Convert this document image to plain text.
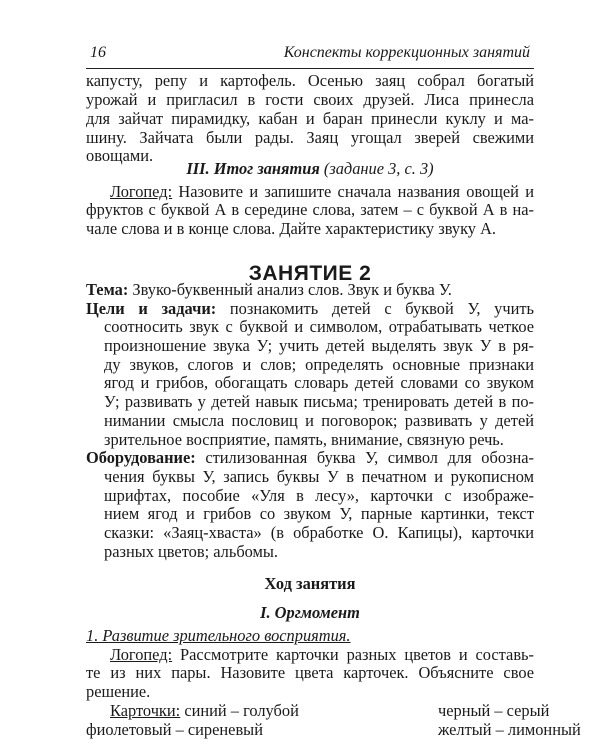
16	Конспекты коррекционных занятий
капусту, репу и картофель. Осенью заяц собрал богатый
урожай и пригласил в гости своих друзей. Лиса принесла
для зайчат пирамидку, кабан и баран принесли куклу и ма-
шину. Зайчата были рады. Заяц угощал зверей свежими
овощами.
III. Итог занятия (задание 3, с. 3)
Логопед: Назовите и запишите сначала названия овощей и
фруктов с буквой А в середине слова, затем – с буквой А в на-
чале слова и в конце слова. Дайте характеристику звуку А.
ЗАНЯТИЕ 2
Тема: Звуко-буквенный анализ слов. Звук и буква У.
Цели и задачи: познакомить детей с буквой У, учить
соотносить звук с буквой и символом, отрабатывать четкое
произношение звука У; учить детей выделять звук У в ря-
ду звуков, слогов и слов; определять основные признаки
ягод и грибов, обогащать словарь детей словами со звуком
У; развивать у детей навык письма; тренировать детей в по-
нимании смысла пословиц и поговорок; развивать у детей
зрительное восприятие, память, внимание, связную речь.
Оборудование: стилизованная буква У, символ для обозна-
чения буквы У, запись буквы У в печатном и рукописном
шрифтах, пособие «Уля в лесу», карточки с изображе-
нием ягод и грибов со звуком У, парные картинки, текст
сказки: «Заяц-хваста» (в обработке О. Капицы), карточки
разных цветов; альбомы.
Ход занятия
I. Оргмомент
1. Развитие зрительного восприятия.
Логопед: Рассмотрите карточки разных цветов и составь-
те из них пары. Назовите цвета карточек. Объясните свое
решение.
Карточки: синий – голубой	черный – серый
фиолетовый – сиреневый	желтый – лимонный
